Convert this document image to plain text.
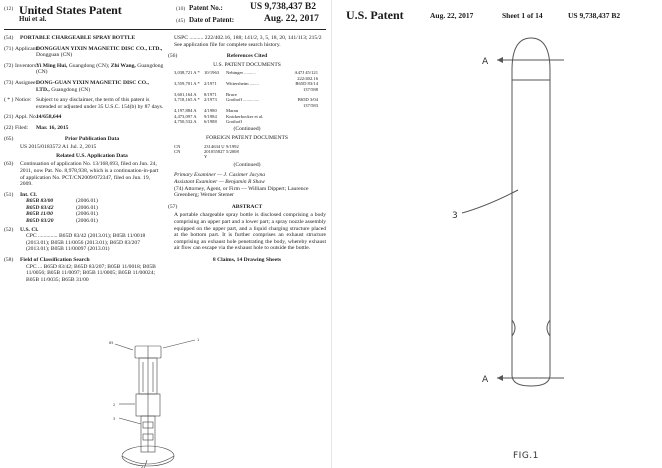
(12) United States Patent
Hui et al.
(10) Patent No.:	US 9,738,437 B2
(45) Date of Patent:	Aug. 22, 2017
(54) PORTABLE CHARGEABLE SPRAY BOTTLE
(71) Applicant:
DONGGUAN YIXIN MAGNETIC DISC CO., LTD., Dongguan (CN)
(72) Inventors:
Yi Ming Hui, Guangdong (CN); Zhi Wang, Guangdong (CN)
(73) Assignee:
DONG-GUAN YIXIN MAGNETIC DISC CO., LTD., Guangdong (CN)
( * ) Notice: Subject to any disclaimer, the term of this patent is extended or adjusted under 35 U.S.C. 154(b) by 87 days.
(21) Appl. No.:
14/658,644
(22) Filed:	Mar. 16, 2015
(65)	Prior Publication Data
US 2015/0183572 A1 Jul. 2, 2015
Related U.S. Application Data
(63) Continuation of application No. 13/168,693, filed on Jun. 24, 2011, now Pat. No. 8,978,938, which is a continuation-in-part of application No. PCT/CN2009/072347, filed on Jun. 19, 2009.
(51) Int. Cl.
B05B 83/00	(2006.01)
B05D 83/42	(2006.01)
B05B 11/00	(2006.01)
B05D 83/20	(2006.01)
(52) U.S. Cl.
CPC .............. B65D 83/42 (2013.01); B05B 11/0018 (2013.01); B05B 11/0056 (2013.01); B65D 83/207 (2013.01); B05B 11/00097 (2013.01)
(58) Field of Classification Search
CPC ... B65D 83/42; B65D 83/207; B05B 11/0018; B05B 11/0056; B05B 11/0097; B05B 11/0005; B05B 11/00024; B05B 11/0035; B65B 31/00
USPC .......... 222/402.16, 188; 141/2, 3, 5, 18, 20, 141/113; 215/2
See application file for complete search history.
(56)	References Cited
U.S. PATENT DOCUMENTS
3,038,721 A * 10/1963	Nebinger ..........	A47J 45/121
222/402.16
3,559,701 A * 2/1971	Wittersheim ........	B65D 83/14
137/588
3,601,164 A	8/1971	Bruce
3,718,165 A * 2/1973	Grothoff ..............	B65D 3/04
137/583
4,197,884 A	4/1980	Maran
4,473,097 A	9/1984	Knickerbocker et al.
4,750,532 A	6/1988	Grothoff
(Continued)
FOREIGN PATENT DOCUMENTS
CN	2314634 U 9/1992
CN	201055827 Y
5/2008
(Continued)
Primary Examiner — J. Casimer Jacyna
Assistant Examiner — Benjamin R Shaw
(74) Attorney, Agent, or Firm — William Dippert; Laurence Greenberg; Werner Stemer
(57)	ABSTRACT
A portable chargeable spray bottle is disclosed comprising a body comprising an upper part and a lower part; a spray nozzle assembly equipped on the upper part, and a liquid charging structure placed at the bottom part. It is further comprises an exhaust structure comprising an exhaust hole penetrating the body, whereby exhaust air flow can escape via the exhaust hole to outside the bottle.
8 Claims, 14 Drawing Sheets
65
1
2
3
21
U.S. Patent	Aug. 22, 2017	Sheet 1 of 14	US 9,738,437 B2
A
A
3
FIG.1
